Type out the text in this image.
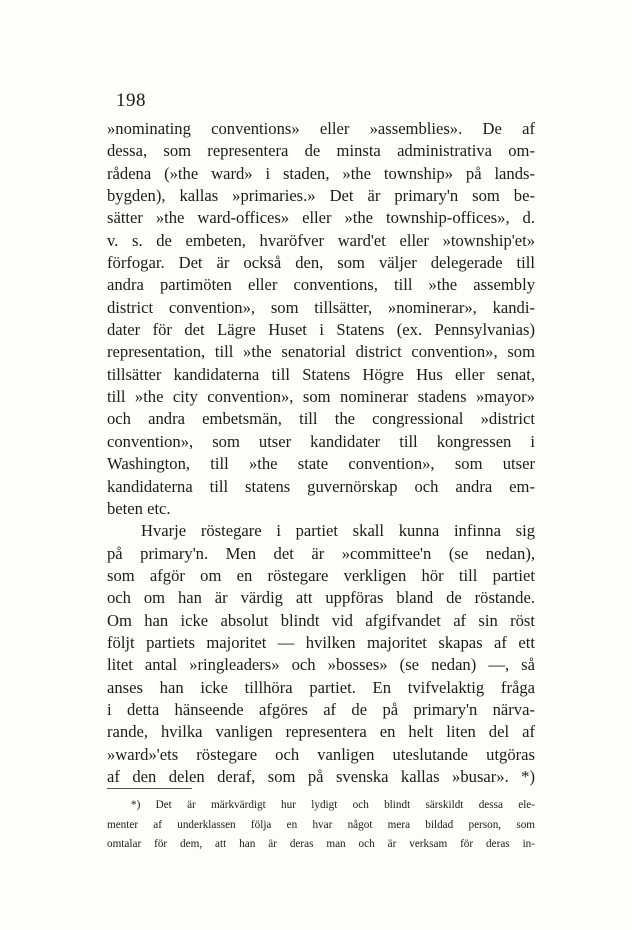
198
»nominating conventions» eller »assemblies». De af
dessa, som representera de minsta administrativa om-
rådena (»the ward» i staden, »the township» på lands-
bygden), kallas »primaries.» Det är primary'n som be-
sätter »the ward-offices» eller »the township-offices», d.
v. s. de embeten, hvaröfver ward'et eller »township'et»
förfogar. Det är också den, som väljer delegerade till
andra partimöten eller conventions, till »the assembly
district convention», som tillsätter, »nominerar», kandi-
dater för det Lägre Huset i Statens (ex. Pennsylvanias)
representation, till »the senatorial district convention», som
tillsätter kandidaterna till Statens Högre Hus eller senat,
till »the city convention», som nominerar stadens »mayor»
och andra embetsmän, till the congressional »district
convention», som utser kandidater till kongressen i
Washington, till »the state convention», som utser
kandidaterna till statens guvernörskap och andra em-
beten etc.
Hvarje röstegare i partiet skall kunna infinna sig
på primary'n. Men det är »committee'n (se nedan),
som afgör om en röstegare verkligen hör till partiet
och om han är värdig att uppföras bland de röstande.
Om han icke absolut blindt vid afgifvandet af sin röst
följt partiets majoritet — hvilken majoritet skapas af ett
litet antal »ringleaders» och »bosses» (se nedan) —, så
anses han icke tillhöra partiet. En tvifvelaktig fråga
i detta hänseende afgöres af de på primary'n närva-
rande, hvilka vanligen representera en helt liten del af
»ward»'ets röstegare och vanligen uteslutande utgöras
af den delen deraf, som på svenska kallas »busar». *)
*) Det är märkvärdigt hur lydigt och blindt särskildt dessa ele-
menter af underklassen följa en hvar något mera bildad person, som
omtalar för dem, att han är deras man och är verksam för deras in-
